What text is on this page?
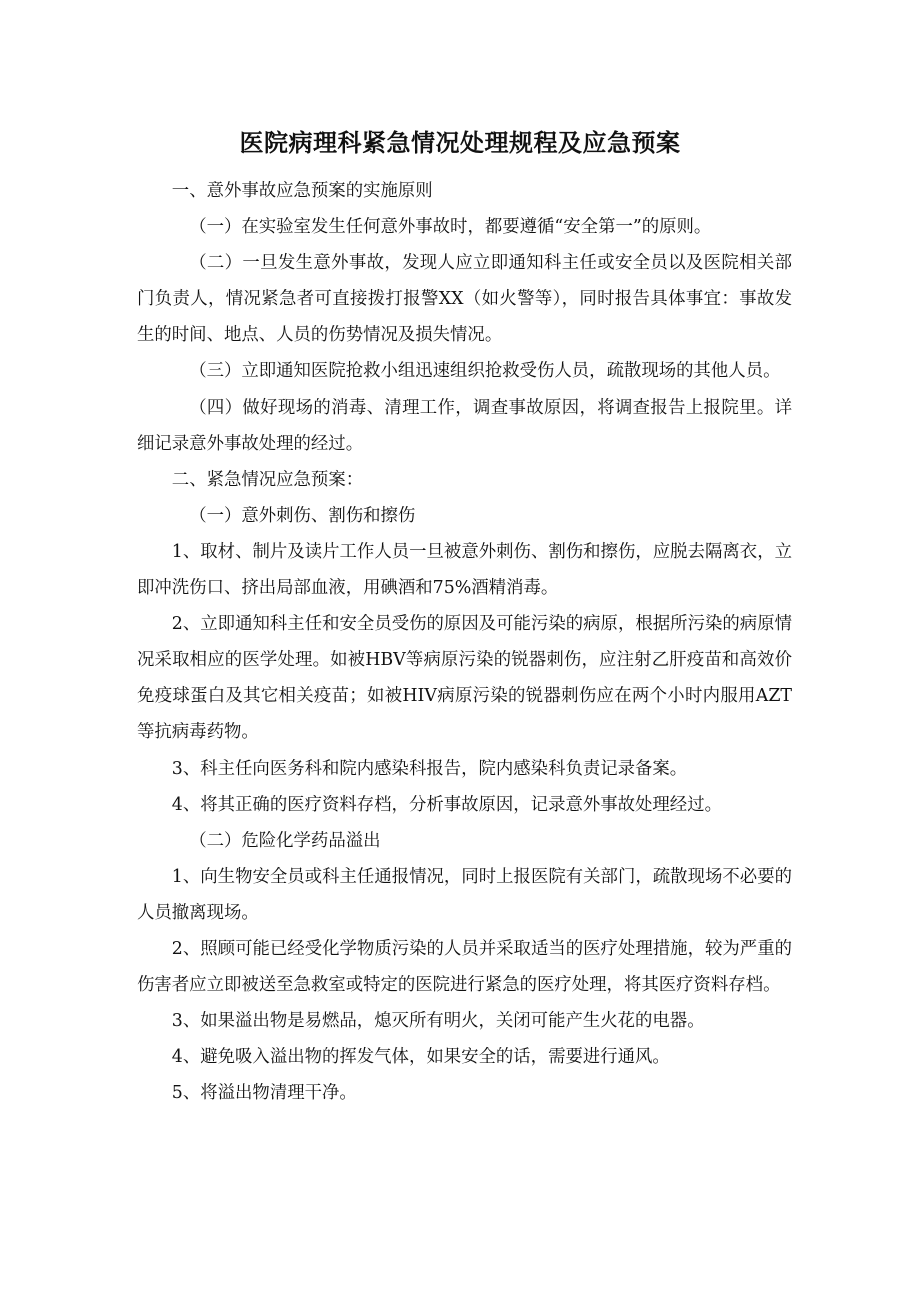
医院病理科紧急情况处理规程及应急预案

一、意外事故应急预案的实施原则

（一）在实验室发生任何意外事故时，都要遵循“安全第一”的原则。

（二）一旦发生意外事故，发现人应立即通知科主任或安全员以及医院相关部门负责人，情况紧急者可直接拨打报警XX（如火警等），同时报告具体事宜：事故发生的时间、地点、人员的伤势情况及损失情况。

（三）立即通知医院抢救小组迅速组织抢救受伤人员，疏散现场的其他人员。

（四）做好现场的消毒、清理工作，调查事故原因，将调查报告上报院里。详细记录意外事故处理的经过。

二、紧急情况应急预案：

（一）意外刺伤、割伤和擦伤

1、取材、制片及读片工作人员一旦被意外刺伤、割伤和擦伤，应脱去隔离衣，立即冲洗伤口、挤出局部血液，用碘酒和75%酒精消毒。

2、立即通知科主任和安全员受伤的原因及可能污染的病原，根据所污染的病原情况采取相应的医学处理。如被HBV等病原污染的锐器刺伤，应注射乙肝疫苗和高效价免疫球蛋白及其它相关疫苗；如被HIV病原污染的锐器刺伤应在两个小时内服用AZT等抗病毒药物。

3、科主任向医务科和院内感染科报告，院内感染科负责记录备案。

4、将其正确的医疗资料存档，分析事故原因，记录意外事故处理经过。

（二）危险化学药品溢出

1、向生物安全员或科主任通报情况，同时上报医院有关部门，疏散现场不必要的人员撤离现场。

2、照顾可能已经受化学物质污染的人员并采取适当的医疗处理措施，较为严重的伤害者应立即被送至急救室或特定的医院进行紧急的医疗处理，将其医疗资料存档。

3、如果溢出物是易燃品，熄灭所有明火，关闭可能产生火花的电器。

4、避免吸入溢出物的挥发气体，如果安全的话，需要进行通风。

5、将溢出物清理干净。
